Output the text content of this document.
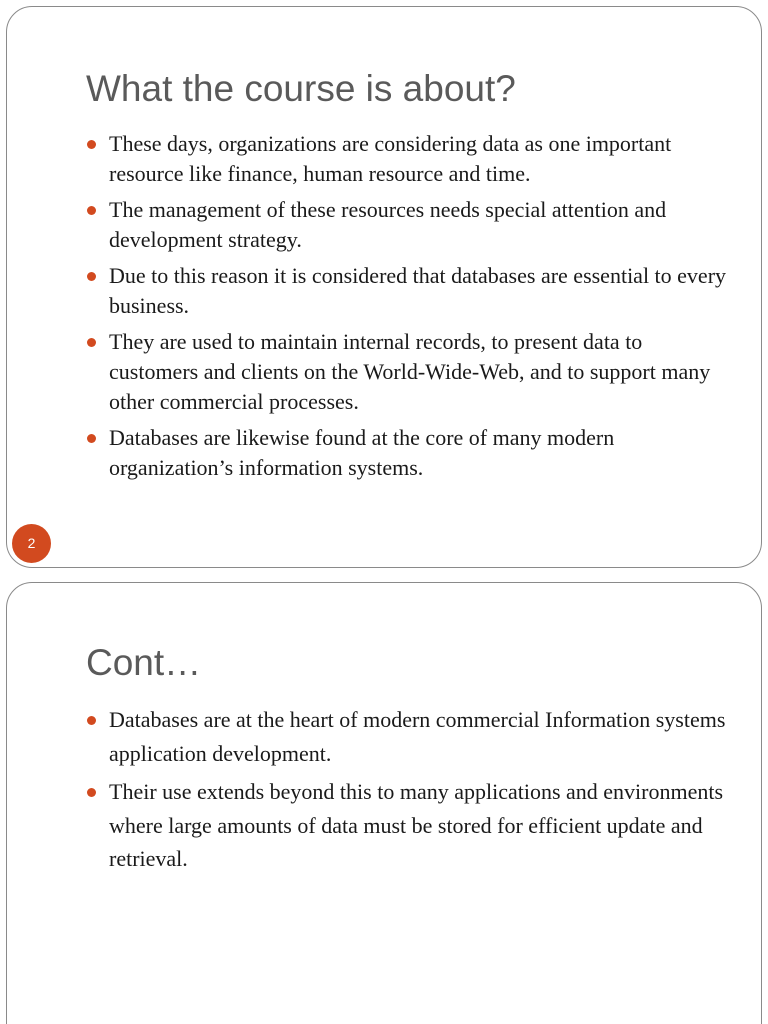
What the course is about?
These days, organizations are considering data as one important resource like finance, human resource and time.
The management of these resources needs special attention and development strategy.
Due to this reason it is considered that databases are essential to every business.
They are used to maintain internal records, to present data to customers and clients on the World-Wide-Web, and to support many other commercial processes.
Databases are likewise found at the core of many modern organization’s information systems.
2
Cont…
Databases are at the heart of modern commercial Information systems application development.
Their use extends beyond this to many applications and environments where large amounts of data must be stored for efficient update and retrieval.
